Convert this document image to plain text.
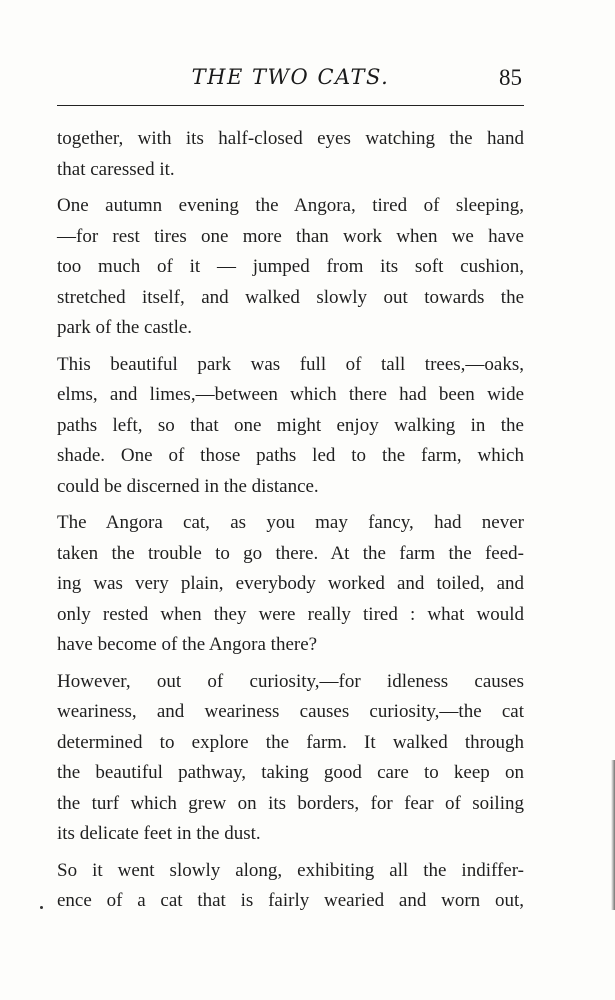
THE TWO CATS.	85
together, with its half-closed eyes watching the hand
that caressed it.
One autumn evening the Angora, tired of sleeping,
—for rest tires one more than work when we have
too much of it — jumped from its soft cushion,
stretched itself, and walked slowly out towards the
park of the castle.
This beautiful park was full of tall trees,—oaks,
elms, and limes,—between which there had been wide
paths left, so that one might enjoy walking in the
shade. One of those paths led to the farm, which
could be discerned in the distance.
The Angora cat, as you may fancy, had never
taken the trouble to go there. At the farm the feed-
ing was very plain, everybody worked and toiled, and
only rested when they were really tired : what would
have become of the Angora there?
However, out of curiosity,—for idleness causes
weariness, and weariness causes curiosity,—the cat
determined to explore the farm. It walked through
the beautiful pathway, taking good care to keep on
the turf which grew on its borders, for fear of soiling
its delicate feet in the dust.
So it went slowly along, exhibiting all the indiffer-
ence of a cat that is fairly wearied and worn out,
